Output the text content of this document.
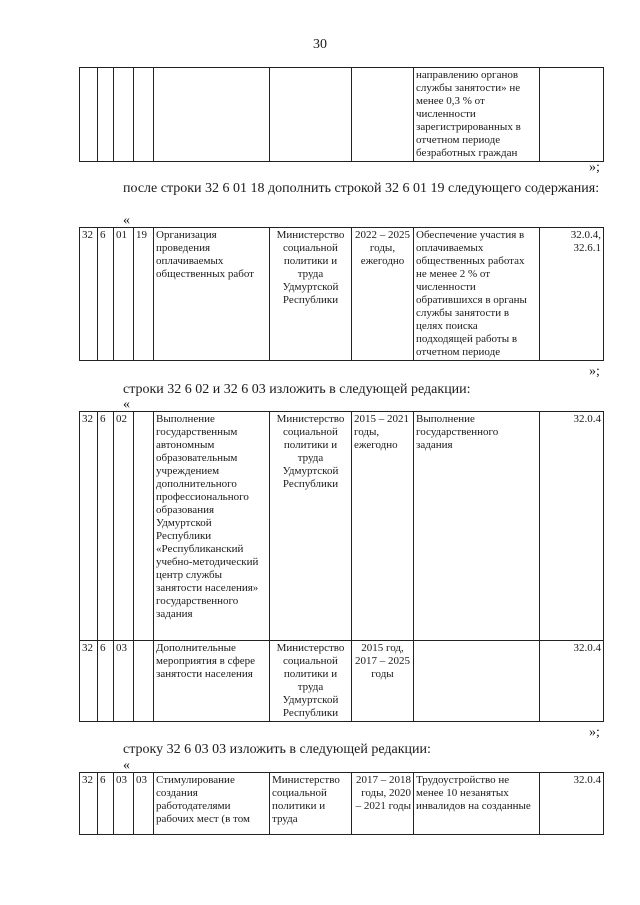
30
							направлению органов службы занятости» не менее 0,3 % от численности зарегистрированных в отчетном периоде безработных граждан	
»;
после строки 32 6 01 18 дополнить строкой 32 6 01 19 следующего содержания:
«
32	6	01	19	Организация проведения оплачиваемых общественных работ	Министерство социальной политики и труда Удмуртской Республики	2022 – 2025 годы, ежегодно	Обеспечение участия в оплачиваемых общественных работах не менее 2 % от численности обратившихся в органы службы занятости в целях поиска подходящей работы в отчетном периоде	32.0.4, 32.6.1
»;
строки 32 6 02 и 32 6 03 изложить в следующей редакции:
«
32	6	02		Выполнение государственным автономным образовательным учреждением дополнительного профессионального образования Удмуртской Республики «Республиканский учебно-методический центр службы занятости населения» государственного задания	Министерство социальной политики и труда Удмуртской Республики	2015 – 2021 годы, ежегодно	Выполнение государственного задания	32.0.4
32	6	03		Дополнительные мероприятия в сфере занятости населения	Министерство социальной политики и труда Удмуртской Республики	2015 год, 2017 – 2025 годы		32.0.4
»;
строку 32 6 03 03 изложить в следующей редакции:
«
32	6	03	03	Стимулирование создания работодателями рабочих мест (в том	Министерство социальной политики и труда	2017 – 2018 годы, 2020 – 2021 годы	Трудоустройство не менее 10 незанятых инвалидов на созданные	32.0.4
